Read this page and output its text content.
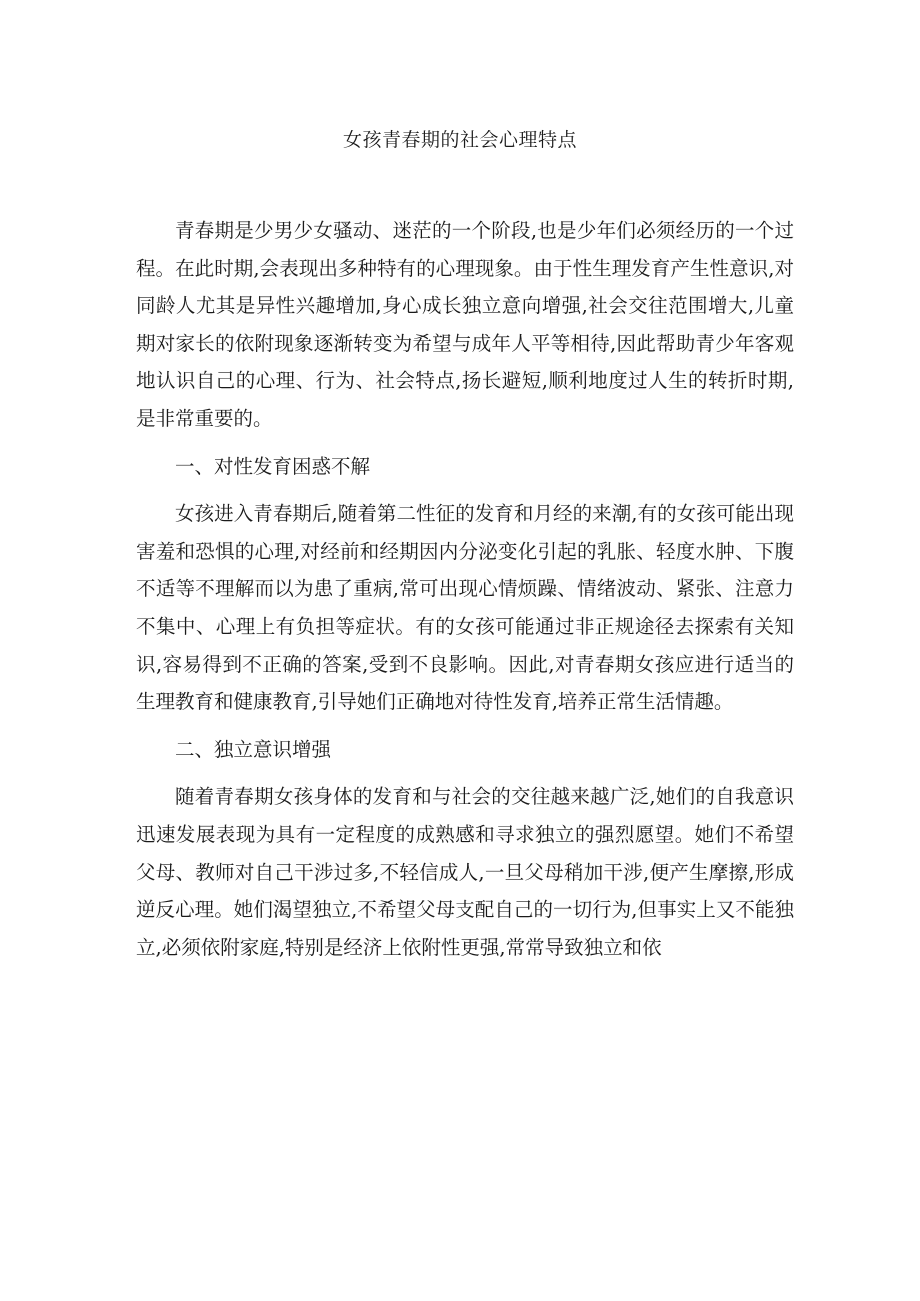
女孩青春期的社会心理特点

青春期是少男少女骚动、迷茫的一个阶段,也是少年们必须经历的一个过程。在此时期,会表现出多种特有的心理现象。由于性生理发育产生性意识,对同龄人尤其是异性兴趣增加,身心成长独立意向增强,社会交往范围增大,儿童期对家长的依附现象逐渐转变为希望与成年人平等相待,因此帮助青少年客观地认识自己的心理、行为、社会特点,扬长避短,顺利地度过人生的转折时期,是非常重要的。

一、对性发育困惑不解

女孩进入青春期后,随着第二性征的发育和月经的来潮,有的女孩可能出现害羞和恐惧的心理,对经前和经期因内分泌变化引起的乳胀、轻度水肿、下腹不适等不理解而以为患了重病,常可出现心情烦躁、情绪波动、紧张、注意力不集中、心理上有负担等症状。有的女孩可能通过非正规途径去探索有关知识,容易得到不正确的答案,受到不良影响。因此,对青春期女孩应进行适当的生理教育和健康教育,引导她们正确地对待性发育,培养正常生活情趣。

二、独立意识增强

随着青春期女孩身体的发育和与社会的交往越来越广泛,她们的自我意识迅速发展表现为具有一定程度的成熟感和寻求独立的强烈愿望。她们不希望父母、教师对自己干涉过多,不轻信成人,一旦父母稍加干涉,便产生摩擦,形成逆反心理。她们渴望独立,不希望父母支配自己的一切行为,但事实上又不能独立,必须依附家庭,特别是经济上依附性更强,常常导致独立和依
